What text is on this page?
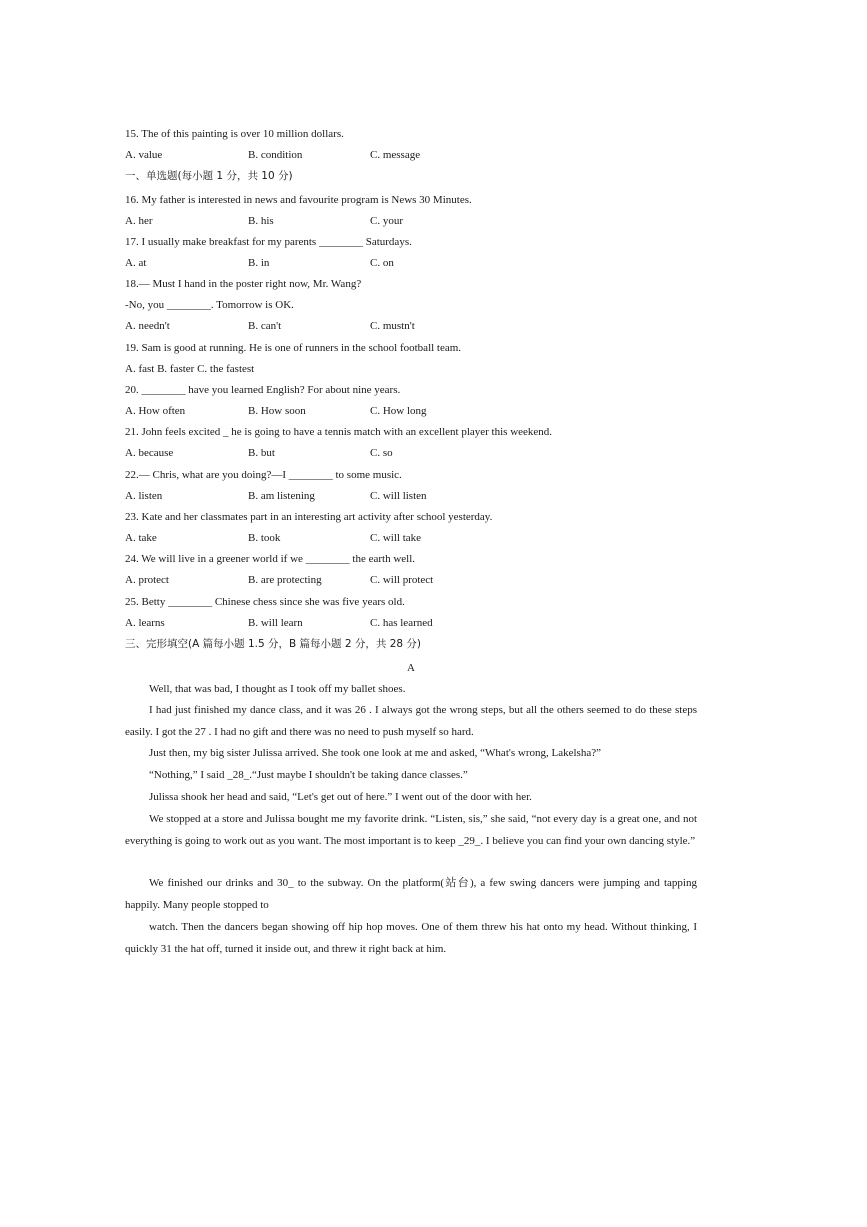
15. The of this painting is over 10 million dollars.
A. value	B. condition	C. message
一、单选题(每小题 1 分，共 10 分)
16. My father is interested in news and favourite program is News 30 Minutes.
A. her	B. his	C. your
17. I usually make breakfast for my parents ________ Saturdays.
A. at	B. in	C. on
18.— Must I hand in the poster right now, Mr. Wang?
-No, you ________. Tomorrow is OK.
A. needn't	B. can't	C. mustn't
19. Sam is good at running. He is one of runners in the school football team.
A. fast B. faster C. the fastest
20. ________ have you learned English? For about nine years.
A. How often	B. How soon	C. How long
21. John feels excited _ he is going to have a tennis match with an excellent player this weekend.
A. because	B. but	C. so
22.— Chris, what are you doing?—I ________ to some music.
A. listen	B. am listening	C. will listen
23. Kate and her classmates part in an interesting art activity after school yesterday.
A. take	B. took	C. will take
24. We will live in a greener world if we ________ the earth well.
A. protect	B. are protecting	C. will protect
25. Betty ________ Chinese chess since she was five years old.
A. learns	B. will learn	C. has learned
三、完形填空(A 篇每小题 1.5 分，B 篇每小题 2 分，共 28 分)
A
Well, that was bad, I thought as I took off my ballet shoes.
I had just finished my dance class, and it was 26 . I always got the wrong steps, but all the others seemed to do these steps easily. I got the 27 . I had no gift and there was no need to push myself so hard.
Just then, my big sister Julissa arrived. She took one look at me and asked, “What's wrong, Lakelsha?”
“Nothing,” I said _28_.“Just maybe I shouldn't be taking dance classes.”
Julissa shook her head and said, “Let's get out of here.” I went out of the door with her.
We stopped at a store and Julissa bought me my favorite drink. “Listen, sis,” she said, “not every day is a great one, and not everything is going to work out as you want. The most important is to keep _29_. I believe you can find your own dancing style.”
We finished our drinks and 30_ to the subway. On the platform(站台), a few swing dancers were jumping and tapping happily. Many people stopped to
watch. Then the dancers began showing off hip hop moves. One of them threw his hat onto my head. Without thinking, I quickly 31 the hat off, turned it inside out, and threw it right back at him.
